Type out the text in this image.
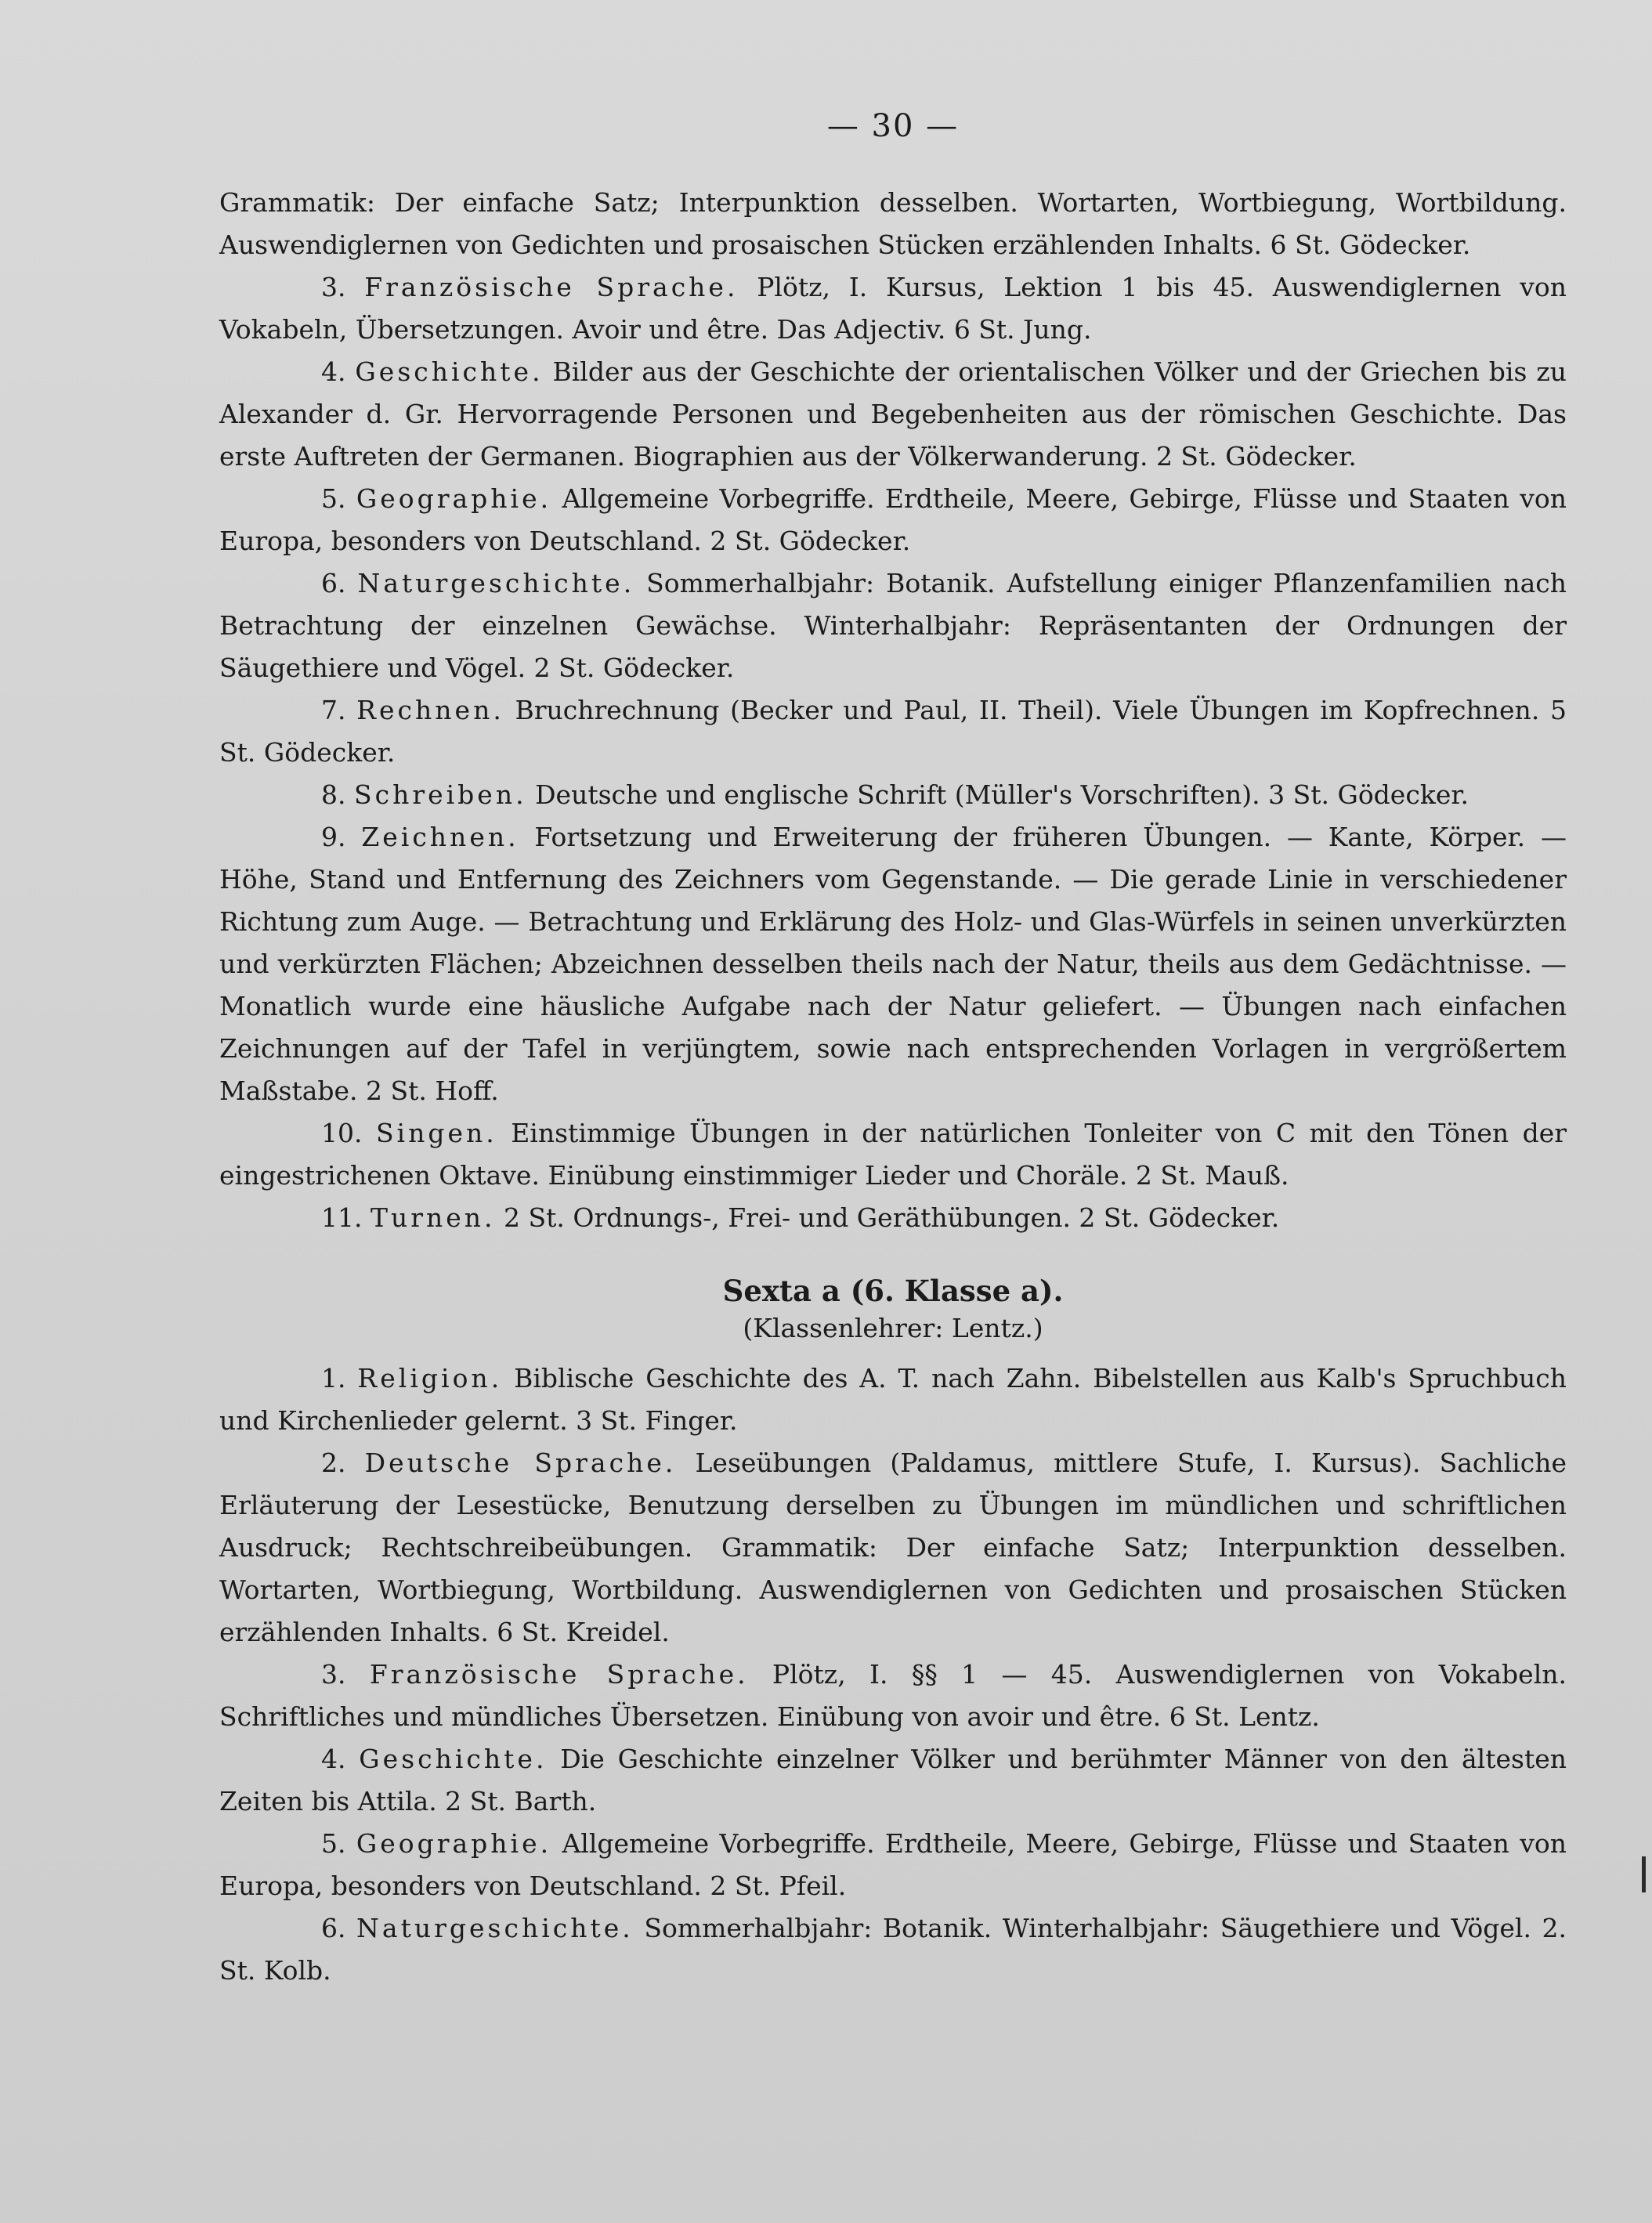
— 30 —

Grammatik: Der einfache Satz; Interpunktion desselben. Wortarten, Wortbiegung, Wortbildung. Auswendiglernen von Gedichten und prosaischen Stücken erzählenden Inhalts. 6 St. Gödecker.

3. Französische Sprache. Plötz, I. Kursus, Lektion 1 bis 45. Auswendiglernen von Vokabeln, Übersetzungen. Avoir und être. Das Adjectiv. 6 St. Jung.

4. Geschichte. Bilder aus der Geschichte der orientalischen Völker und der Griechen bis zu Alexander d. Gr. Hervorragende Personen und Begebenheiten aus der römischen Geschichte. Das erste Auftreten der Germanen. Biographien aus der Völkerwanderung. 2 St. Gödecker.

5. Geographie. Allgemeine Vorbegriffe. Erdtheile, Meere, Gebirge, Flüsse und Staaten von Europa, besonders von Deutschland. 2 St. Gödecker.

6. Naturgeschichte. Sommerhalbjahr: Botanik. Aufstellung einiger Pflanzenfamilien nach Betrachtung der einzelnen Gewächse. Winterhalbjahr: Repräsentanten der Ordnungen der Säugethiere und Vögel. 2 St. Gödecker.

7. Rechnen. Bruchrechnung (Becker und Paul, II. Theil). Viele Übungen im Kopfrechnen. 5 St. Gödecker.

8. Schreiben. Deutsche und englische Schrift (Müller's Vorschriften). 3 St. Gödecker.

9. Zeichnen. Fortsetzung und Erweiterung der früheren Übungen. — Kante, Körper. — Höhe, Stand und Entfernung des Zeichners vom Gegenstande. — Die gerade Linie in verschiedener Richtung zum Auge. — Betrachtung und Erklärung des Holz- und Glas-Würfels in seinen unverkürzten und verkürzten Flächen; Abzeichnen desselben theils nach der Natur, theils aus dem Gedächtnisse. — Monatlich wurde eine häusliche Aufgabe nach der Natur geliefert. — Übungen nach einfachen Zeichnungen auf der Tafel in verjüngtem, sowie nach entsprechenden Vorlagen in vergrößertem Maßstabe. 2 St. Hoff.

10. Singen. Einstimmige Übungen in der natürlichen Tonleiter von C mit den Tönen der eingestrichenen Oktave. Einübung einstimmiger Lieder und Choräle. 2 St. Mauß.

11. Turnen. 2 St. Ordnungs-, Frei- und Geräthübungen. 2 St. Gödecker.

Sexta a (6. Klasse a).
(Klassenlehrer: Lentz.)

1. Religion. Biblische Geschichte des A. T. nach Zahn. Bibelstellen aus Kalb's Spruchbuch und Kirchenlieder gelernt. 3 St. Finger.

2. Deutsche Sprache. Leseübungen (Paldamus, mittlere Stufe, I. Kursus). Sachliche Erläuterung der Lesestücke, Benutzung derselben zu Übungen im mündlichen und schriftlichen Ausdruck; Rechtschreibeübungen. Grammatik: Der einfache Satz; Interpunktion desselben. Wortarten, Wortbiegung, Wortbildung. Auswendiglernen von Gedichten und prosaischen Stücken erzählenden Inhalts. 6 St. Kreidel.

3. Französische Sprache. Plötz, I. §§ 1 — 45. Auswendiglernen von Vokabeln. Schriftliches und mündliches Übersetzen. Einübung von avoir und être. 6 St. Lentz.

4. Geschichte. Die Geschichte einzelner Völker und berühmter Männer von den ältesten Zeiten bis Attila. 2 St. Barth.

5. Geographie. Allgemeine Vorbegriffe. Erdtheile, Meere, Gebirge, Flüsse und Staaten von Europa, besonders von Deutschland. 2 St. Pfeil.

6. Naturgeschichte. Sommerhalbjahr: Botanik. Winterhalbjahr: Säugethiere und Vögel. 2. St. Kolb.
